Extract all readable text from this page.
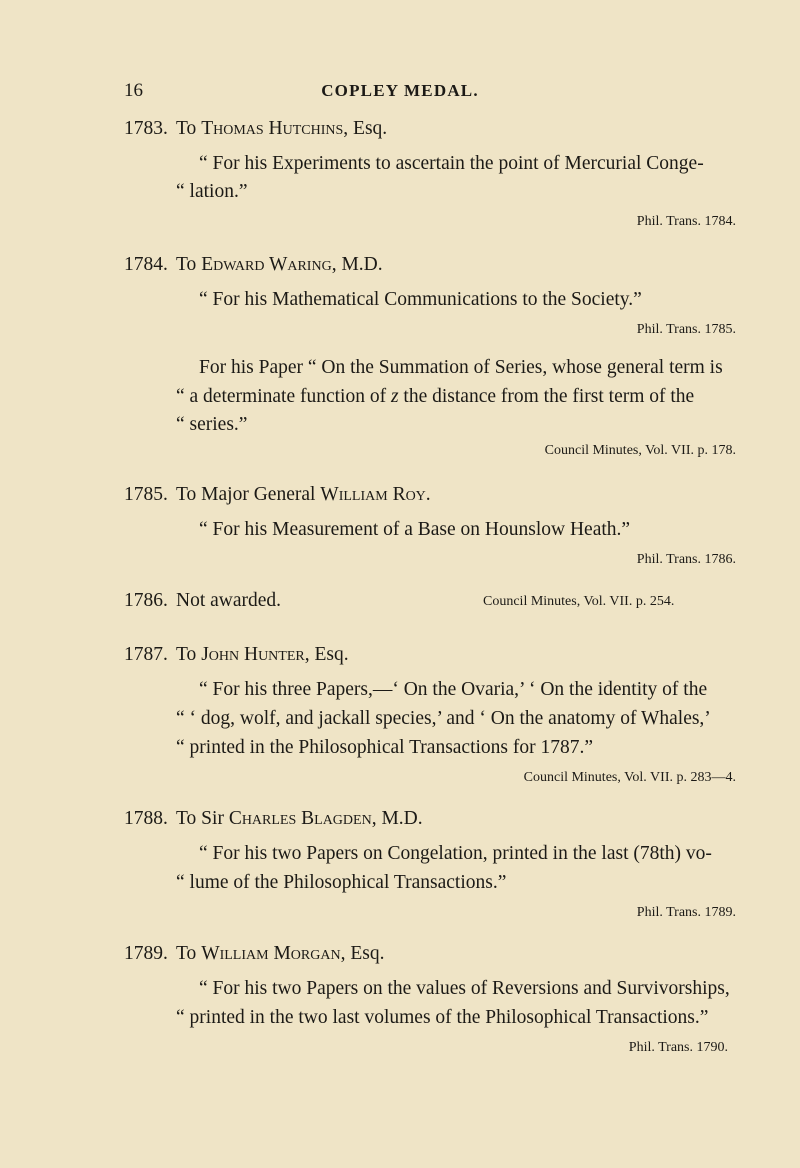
16	COPLEY MEDAL.
1783. To Thomas Hutchins, Esq.
“ For his Experiments to ascertain the point of Mercurial Conge-
“ lation.”
Phil. Trans. 1784.
1784. To Edward Waring, M.D.
“ For his Mathematical Communications to the Society.”
Phil. Trans. 1785.
For his Paper “ On the Summation of Series, whose general term is
“ a determinate function of z the distance from the first term of the
“ series.”
Council Minutes, Vol. VII. p. 178.
1785. To Major General William Roy.
“ For his Measurement of a Base on Hounslow Heath.”
Phil. Trans. 1786.
1786. Not awarded.	Council Minutes, Vol. VII. p. 254.
1787. To John Hunter, Esq.
“ For his three Papers,—‘ On the Ovaria,’ ‘ On the identity of the
“ ‘ dog, wolf, and jackall species,’ and ‘ On the anatomy of Whales,’
“ printed in the Philosophical Transactions for 1787.”
Council Minutes, Vol. VII. p. 283—4.
1788. To Sir Charles Blagden, M.D.
“ For his two Papers on Congelation, printed in the last (78th) vo-
“ lume of the Philosophical Transactions.”
Phil. Trans. 1789.
1789. To William Morgan, Esq.
“ For his two Papers on the values of Reversions and Survivorships,
“ printed in the two last volumes of the Philosophical Transactions.”
Phil. Trans. 1790.
